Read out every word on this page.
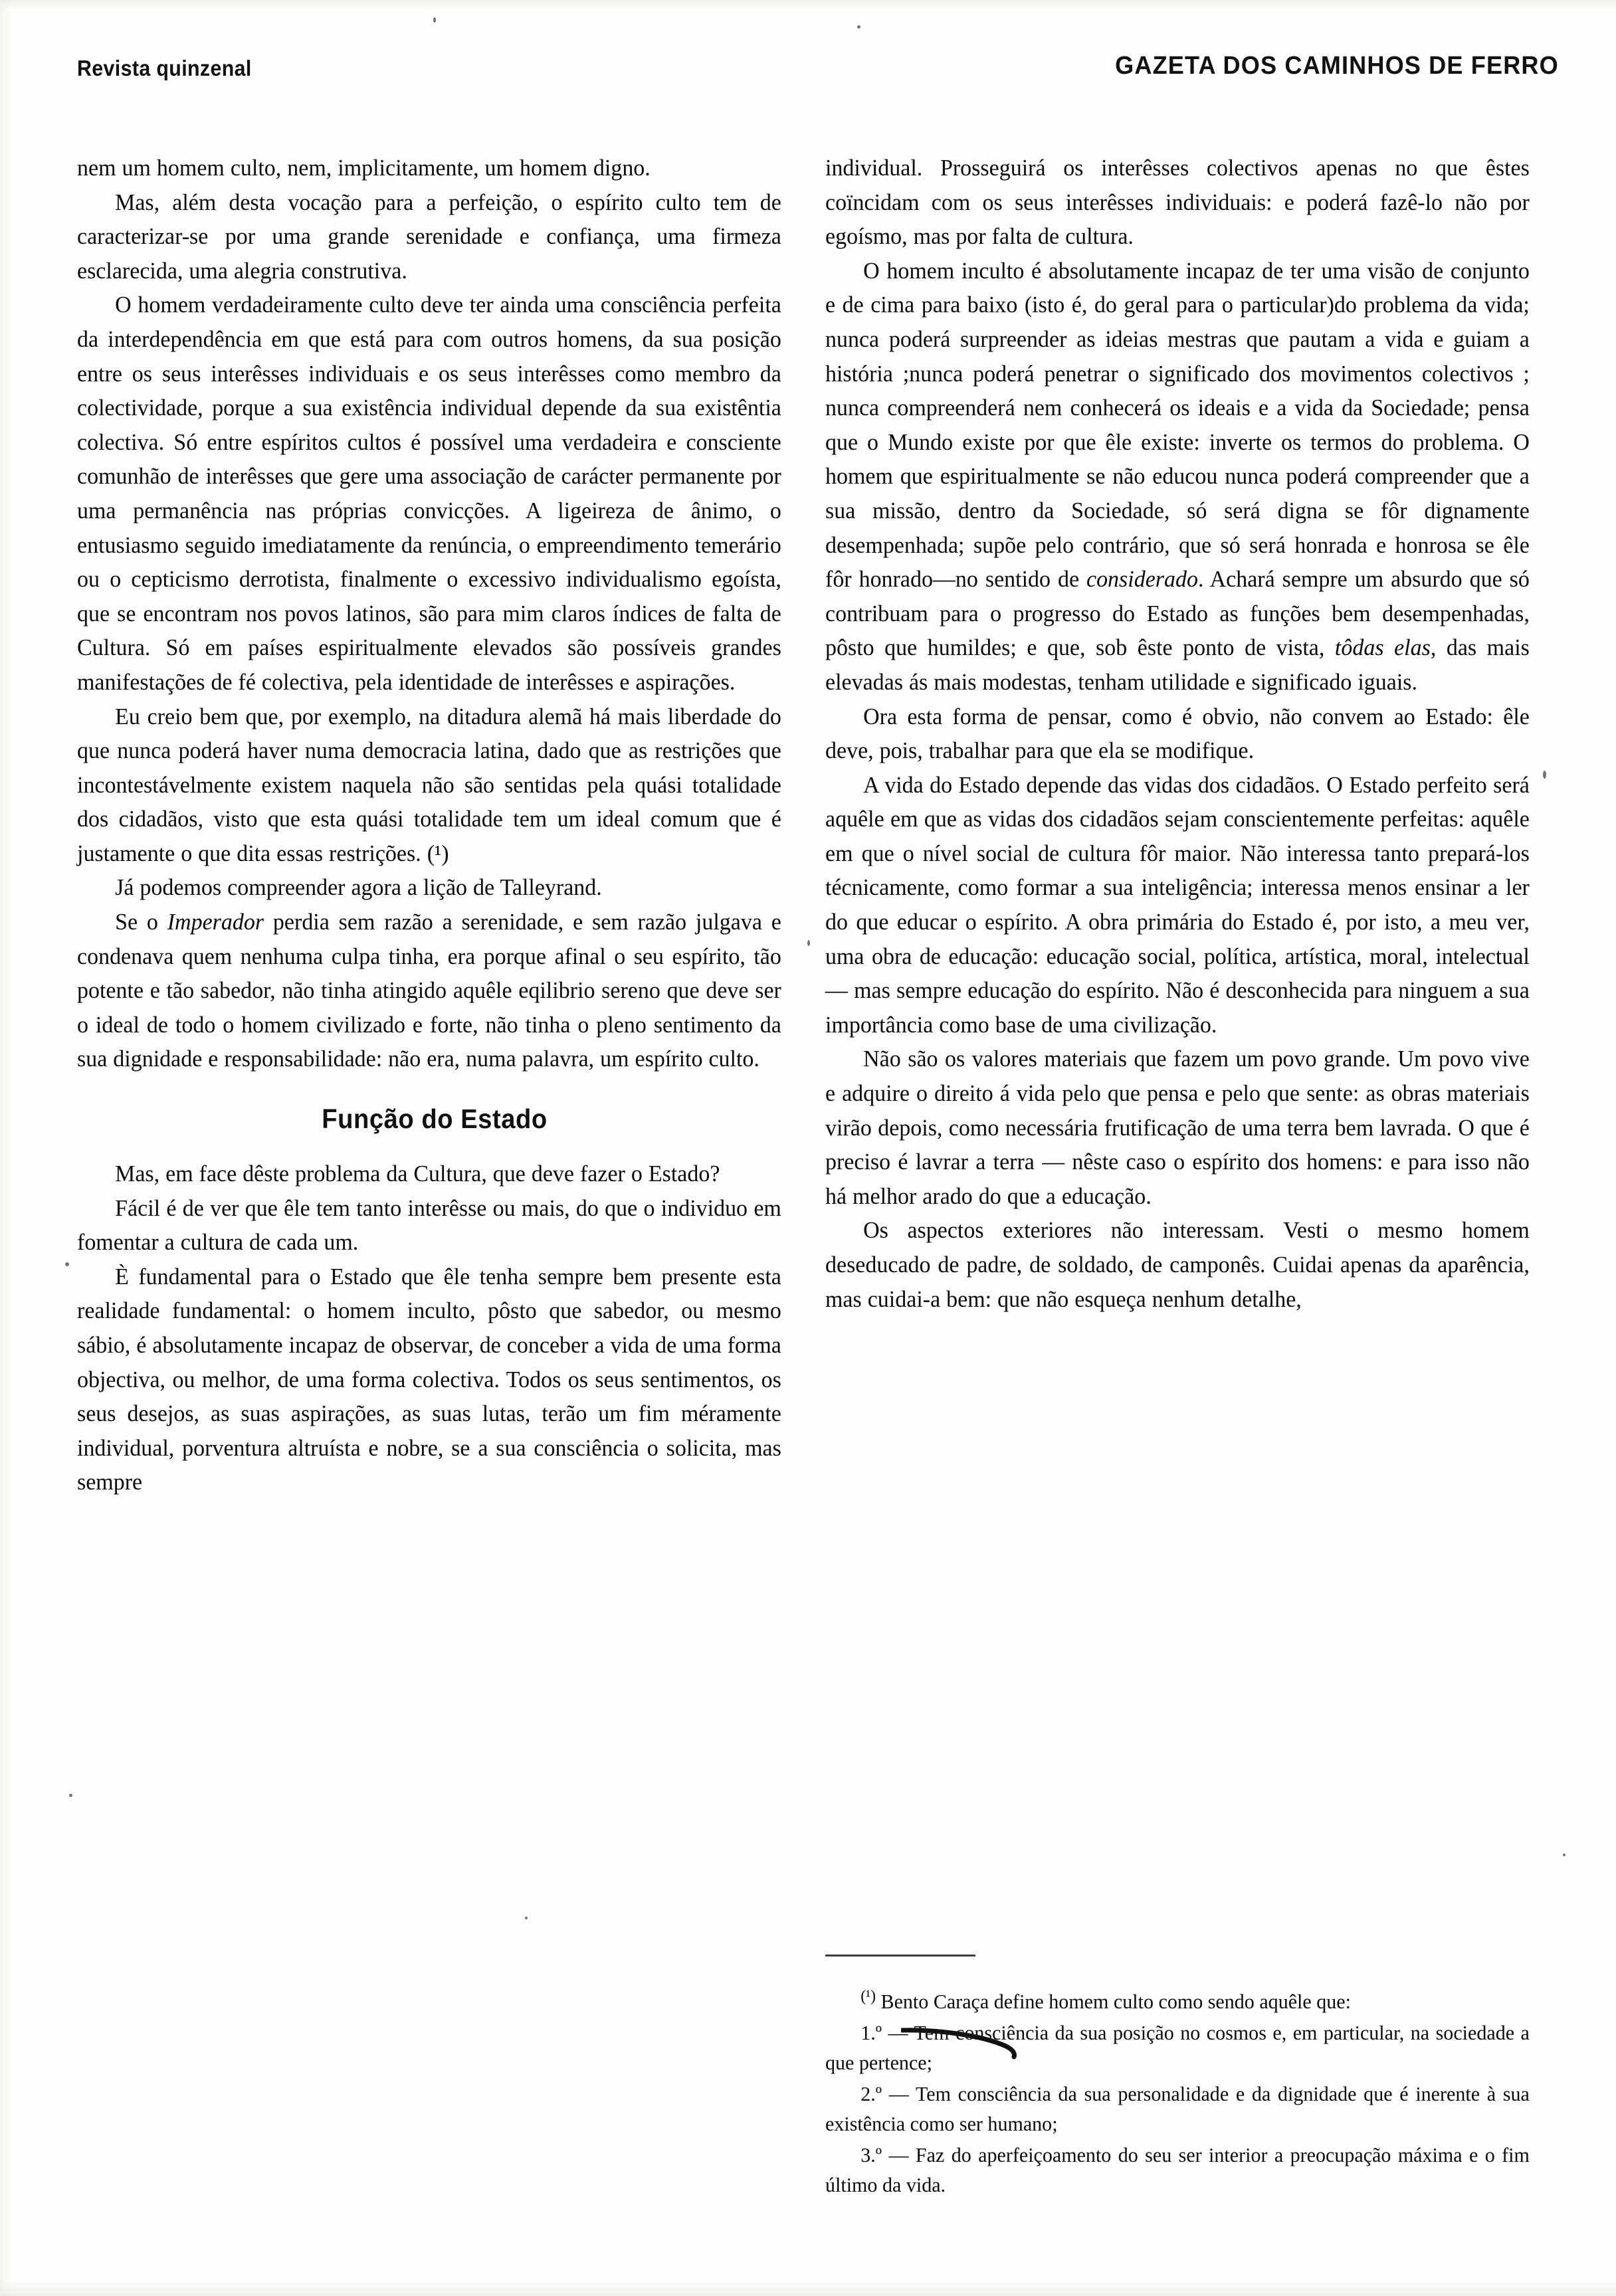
Revista quinzenal	GAZETA DOS CAMINHOS DE FERRO

nem um homem culto, nem, implicitamente, um homem digno.

Mas, além desta vocação para a perfeição, o espírito culto tem de caracterizar-se por uma grande serenidade e confiança, uma firmeza esclarecida, uma alegria construtiva.

O homem verdadeiramente culto deve ter ainda uma consciência perfeita da interdependência em que está para com outros homens, da sua posição entre os seus interêsses individuais e os seus interêsses como membro da colectividade, porque a sua existência individual depende da sua existêntia colectiva. Só entre espíritos cultos é possível uma verdadeira e consciente comunhão de interêsses que gere uma associação de carácter permanente por uma permanência nas próprias convicções. A ligeireza de ânimo, o entusiasmo seguido imediatamente da renúncia, o empreendimento temerário ou o cepticismo derrotista, finalmente o excessivo individualismo egoísta, que se encontram nos povos latinos, são para mim claros índices de falta de Cultura. Só em países espiritualmente elevados são possíveis grandes manifestações de fé colectiva, pela identidade de interêsses e aspirações.

Eu creio bem que, por exemplo, na ditadura alemã há mais liberdade do que nunca poderá haver numa democracia latina, dado que as restrições que incontestávelmente existem naquela não são sentidas pela quási totalidade dos cidadãos, visto que esta quási totalidade tem um ideal comum que é justamente o que dita essas restrições. (¹)

Já podemos compreender agora a lição de Talleyrand.

Se o Imperador perdia sem razão a serenidade, e sem razão julgava e condenava quem nenhuma culpa tinha, era porque afinal o seu espírito, tão potente e tão sabedor, não tinha atingido aquêle eqilibrio sereno que deve ser o ideal de todo o homem civilizado e forte, não tinha o pleno sentimento da sua dignidade e responsabilidade: não era, numa palavra, um espírito culto.

Função do Estado

Mas, em face dêste problema da Cultura, que deve fazer o Estado?

Fácil é de ver que êle tem tanto interêsse ou mais, do que o individuo em fomentar a cultura de cada um.

È fundamental para o Estado que êle tenha sempre bem presente esta realidade fundamental: o homem inculto, pôsto que sabedor, ou mesmo sábio, é absolutamente incapaz de observar, de conceber a vida de uma forma objectiva, ou melhor, de uma forma colectiva. Todos os seus sentimentos, os seus desejos, as suas aspirações, as suas lutas, terão um fim méramente individual, porventura altruísta e nobre, se a sua consciência o solicita, mas sempre

individual. Prosseguirá os interêsses colectivos apenas no que êstes coïncidam com os seus interêsses individuais: e poderá fazê-lo não por egoísmo, mas por falta de cultura.

O homem inculto é absolutamente incapaz de ter uma visão de conjunto e de cima para baixo (isto é, do geral para o particular)do problema da vida; nunca poderá surpreender as ideias mestras que pautam a vida e guiam a história ;nunca poderá penetrar o significado dos movimentos colectivos ; nunca compreenderá nem conhecerá os ideais e a vida da Sociedade; pensa que o Mundo existe por que êle existe: inverte os termos do problema. O homem que espiritualmente se não educou nunca poderá compreender que a sua missão, dentro da Sociedade, só será digna se fôr dignamente desempenhada; supõe pelo contrário, que só será honrada e honrosa se êle fôr honrado—no sentido de considerado. Achará sempre um absurdo que só contribuam para o progresso do Estado as funções bem desempenhadas, pôsto que humildes; e que, sob êste ponto de vista, tôdas elas, das mais elevadas ás mais modestas, tenham utilidade e significado iguais.

Ora esta forma de pensar, como é obvio, não convem ao Estado: êle deve, pois, trabalhar para que ela se modifique.

A vida do Estado depende das vidas dos cidadãos. O Estado perfeito será aquêle em que as vidas dos cidadãos sejam conscientemente perfeitas: aquêle em que o nível social de cultura fôr maior. Não interessa tanto prepará-los técnicamente, como formar a sua inteligência; interessa menos ensinar a ler do que educar o espírito. A obra primária do Estado é, por isto, a meu ver, uma obra de educação: educação social, política, artística, moral, intelectual — mas sempre educação do espírito. Não é desconhecida para ninguem a sua importância como base de uma civilização.

Não são os valores materiais que fazem um povo grande. Um povo vive e adquire o direito á vida pelo que pensa e pelo que sente: as obras materiais virão depois, como necessária frutificação de uma terra bem lavrada. O que é preciso é lavrar a terra — nêste caso o espírito dos homens: e para isso não há melhor arado do que a educação.

Os aspectos exteriores não interessam. Vesti o mesmo homem deseducado de padre, de soldado, de camponês. Cuidai apenas da aparência, mas cuidai-a bem: que não esqueça nenhum detalhe,

$^{(^1)}$ Bento Caraça define homem culto como sendo aquêle que:

1.º — Tem consciência da sua posição no cosmos e, em particular, na sociedade a que pertence;

2.º — Tem consciência da sua personalidade e da dignidade que é inerente à sua existência como ser humano;

3.º — Faz do aperfeiçoamento do seu ser interior a preocupação máxima e o fim último da vida.
